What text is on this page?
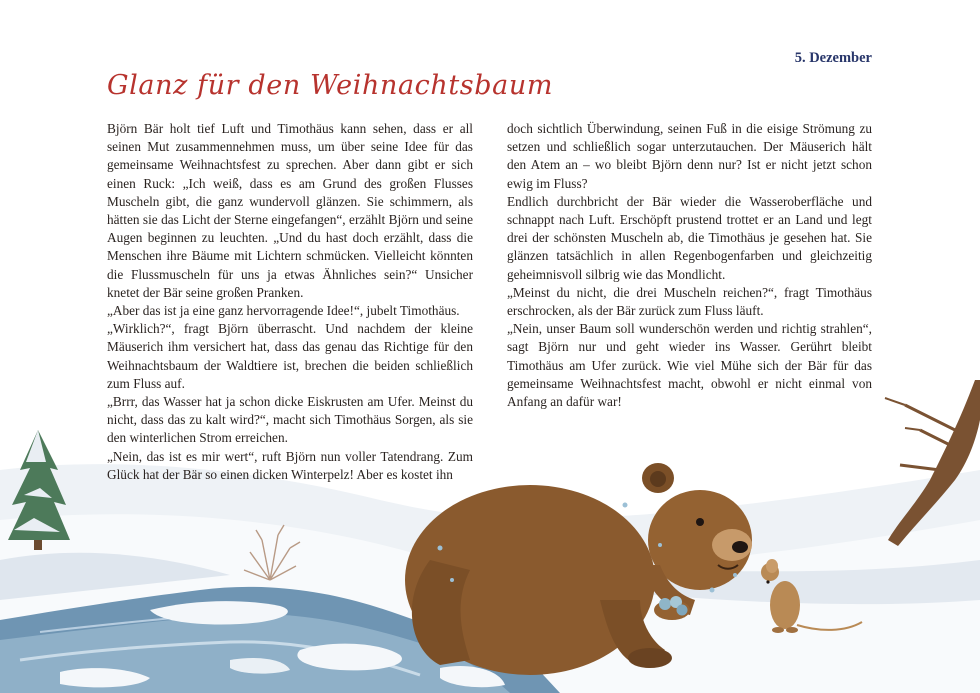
5. Dezember
Glanz für den Weihnachtsbaum

Björn Bär holt tief Luft und Timothäus kann sehen, dass er all seinen Mut zusammennehmen muss, um über seine Idee für das gemeinsame Weihnachtsfest zu sprechen. Aber dann gibt er sich einen Ruck: „Ich weiß, dass es am Grund des großen Flusses Muscheln gibt, die ganz wundervoll glänzen. Sie schimmern, als hätten sie das Licht der Sterne eingefangen“, erzählt Björn und seine Augen beginnen zu leuchten. „Und du hast doch erzählt, dass die Menschen ihre Bäume mit Lichtern schmücken. Vielleicht könnten die Flussmuscheln für uns ja etwas Ähnliches sein?“ Unsicher knetet der Bär seine großen Pranken.

„Aber das ist ja eine ganz hervorragende Idee!“, jubelt Timothäus.

„Wirklich?“, fragt Björn überrascht. Und nachdem der kleine Mäuserich ihm versichert hat, dass das genau das Richtige für den Weihnachtsbaum der Waldtiere ist, brechen die beiden schließlich zum Fluss auf.

„Brrr, das Wasser hat ja schon dicke Eiskrusten am Ufer. Meinst du nicht, dass das zu kalt wird?“, macht sich Timothäus Sorgen, als sie den winterlichen Strom erreichen.

„Nein, das ist es mir wert“, ruft Björn nun voller Tatendrang. Zum Glück hat der Bär so einen dicken Winterpelz! Aber es kostet ihn

doch sichtlich Überwindung, seinen Fuß in die eisige Strömung zu setzen und schließlich sogar unterzutauchen. Der Mäuserich hält den Atem an – wo bleibt Björn denn nur? Ist er nicht jetzt schon ewig im Fluss?

Endlich durchbricht der Bär wieder die Wasseroberfläche und schnappt nach Luft. Erschöpft prustend trottet er an Land und legt drei der schönsten Muscheln ab, die Timothäus je gesehen hat. Sie glänzen tatsächlich in allen Regenbogenfarben und gleichzeitig geheimnisvoll silbrig wie das Mondlicht.

„Meinst du nicht, die drei Muscheln reichen?“, fragt Timothäus erschrocken, als der Bär zurück zum Fluss läuft.

„Nein, unser Baum soll wunderschön werden und richtig strahlen“, sagt Björn nur und geht wieder ins Wasser. Gerührt bleibt Timothäus am Ufer zurück. Wie viel Mühe sich der Bär für das gemeinsame Weihnachtsfest macht, obwohl er nicht einmal von Anfang an dafür war!
